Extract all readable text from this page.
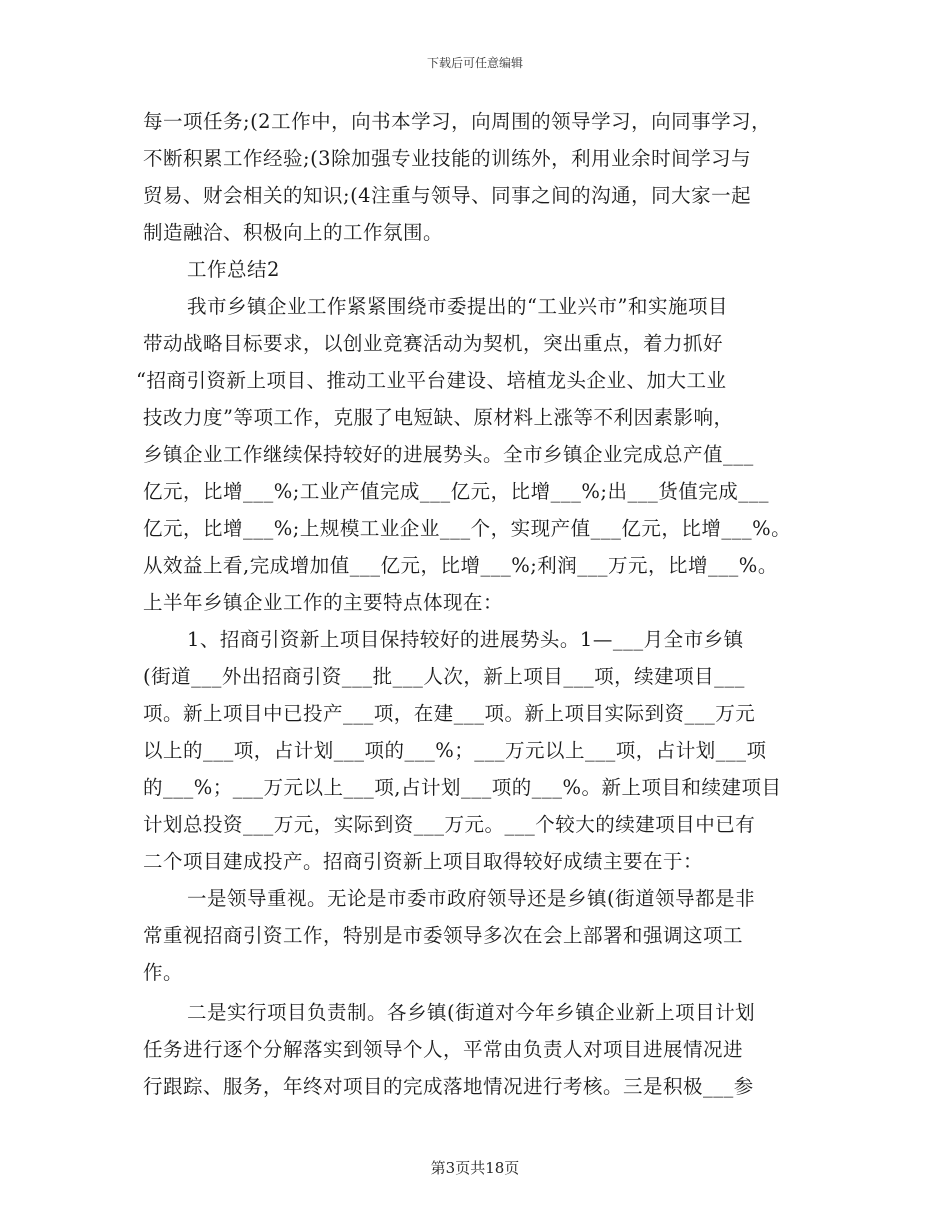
下载后可任意编辑
每一项任务;(2工作中，向书本学习，向周围的领导学习，向同事学习，
不断积累工作经验;(3除加强专业技能的训练外，利用业余时间学习与
贸易、财会相关的知识;(4注重与领导、同事之间的沟通，同大家一起
制造融洽、积极向上的工作氛围。
工作总结2
我市乡镇企业工作紧紧围绕市委提出的“工业兴市”和实施项目
带动战略目标要求，以创业竞赛活动为契机，突出重点，着力抓好
“招商引资新上项目、推动工业平台建设、培植龙头企业、加大工业
技改力度”等项工作，克服了电短缺、原材料上涨等不利因素影响，
乡镇企业工作继续保持较好的进展势头。全市乡镇企业完成总产值___
亿元，比增___%;工业产值完成___亿元，比增___%;出___货值完成___
亿元，比增___%;上规模工业企业___个，实现产值___亿元，比增___%。
从效益上看,完成增加值___亿元，比增___%;利润___万元，比增___%。
上半年乡镇企业工作的主要特点体现在：
1、招商引资新上项目保持较好的进展势头。1—___月全市乡镇
(街道___外出招商引资___批___人次，新上项目___项，续建项目___
项。新上项目中已投产___项，在建___项。新上项目实际到资___万元
以上的___项，占计划___项的___%；___万元以上___项，占计划___项
的___%；___万元以上___项,占计划___项的___%。新上项目和续建项目
计划总投资___万元，实际到资___万元。___个较大的续建项目中已有
二个项目建成投产。招商引资新上项目取得较好成绩主要在于：
一是领导重视。无论是市委市政府领导还是乡镇(街道领导都是非
常重视招商引资工作，特别是市委领导多次在会上部署和强调这项工
作。
二是实行项目负责制。各乡镇(街道对今年乡镇企业新上项目计划
任务进行逐个分解落实到领导个人，平常由负责人对项目进展情况进
行跟踪、服务，年终对项目的完成落地情况进行考核。三是积极___参
第3页共18页
